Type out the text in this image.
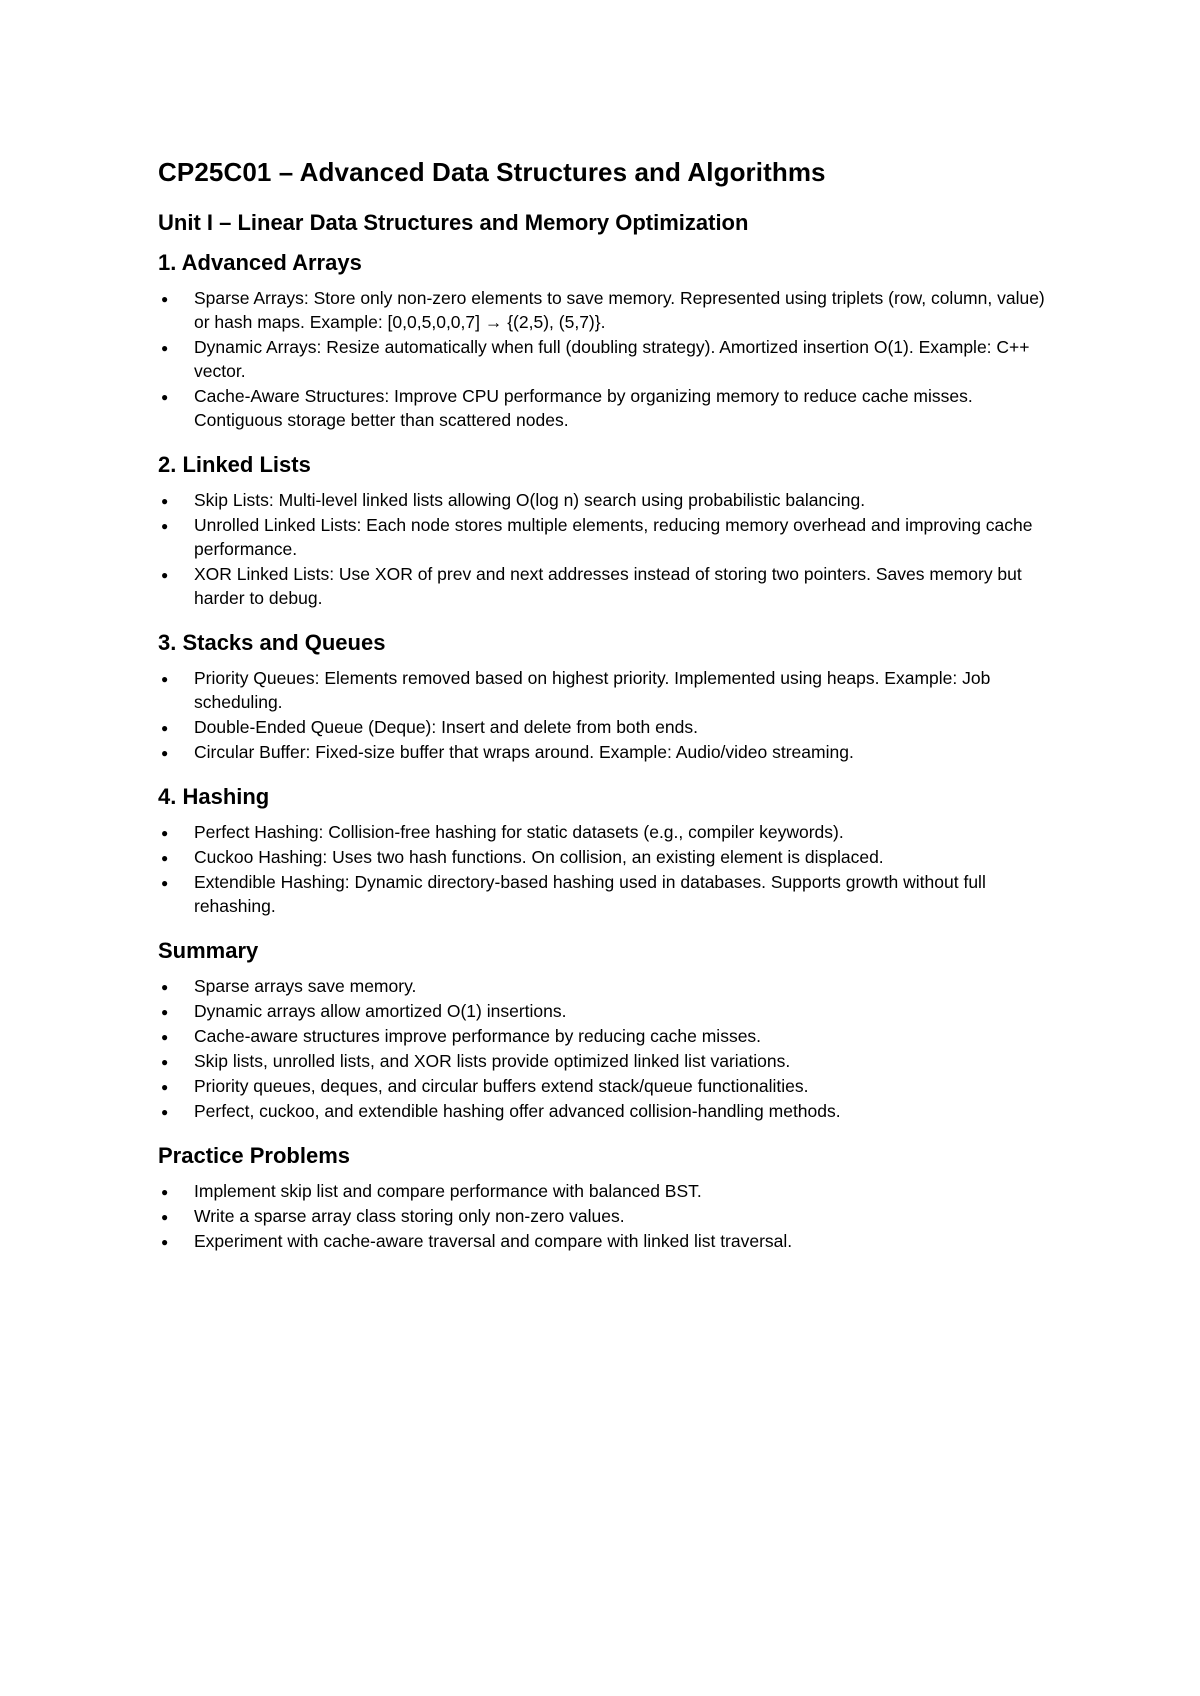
CP25C01 – Advanced Data Structures and Algorithms
Unit I – Linear Data Structures and Memory Optimization
1. Advanced Arrays
● Sparse Arrays: Store only non-zero elements to save memory. Represented using triplets (row, column, value) or hash maps. Example: [0,0,5,0,0,7] → {(2,5), (5,7)}.
● Dynamic Arrays: Resize automatically when full (doubling strategy). Amortized insertion O(1). Example: C++ vector.
● Cache-Aware Structures: Improve CPU performance by organizing memory to reduce cache misses. Contiguous storage better than scattered nodes.
2. Linked Lists
● Skip Lists: Multi-level linked lists allowing O(log n) search using probabilistic balancing.
● Unrolled Linked Lists: Each node stores multiple elements, reducing memory overhead and improving cache performance.
● XOR Linked Lists: Use XOR of prev and next addresses instead of storing two pointers. Saves memory but harder to debug.
3. Stacks and Queues
● Priority Queues: Elements removed based on highest priority. Implemented using heaps. Example: Job scheduling.
● Double-Ended Queue (Deque): Insert and delete from both ends.
● Circular Buffer: Fixed-size buffer that wraps around. Example: Audio/video streaming.
4. Hashing
● Perfect Hashing: Collision-free hashing for static datasets (e.g., compiler keywords).
● Cuckoo Hashing: Uses two hash functions. On collision, an existing element is displaced.
● Extendible Hashing: Dynamic directory-based hashing used in databases. Supports growth without full rehashing.
Summary
● Sparse arrays save memory.
● Dynamic arrays allow amortized O(1) insertions.
● Cache-aware structures improve performance by reducing cache misses.
● Skip lists, unrolled lists, and XOR lists provide optimized linked list variations.
● Priority queues, deques, and circular buffers extend stack/queue functionalities.
● Perfect, cuckoo, and extendible hashing offer advanced collision-handling methods.
Practice Problems
● Implement skip list and compare performance with balanced BST.
● Write a sparse array class storing only non-zero values.
● Experiment with cache-aware traversal and compare with linked list traversal.
